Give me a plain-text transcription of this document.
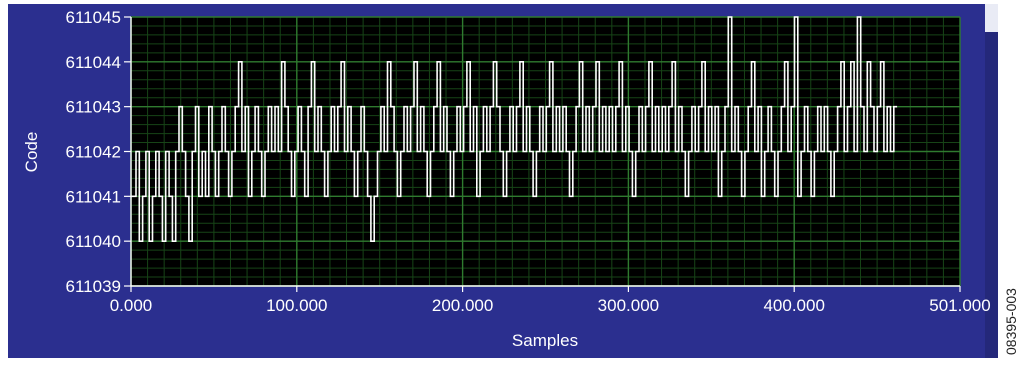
611039
611040
611041
611042
611043
611044
611045
0.000	100.000	200.000	300.000	400.000	501.000
Samples
Code
08395-003
